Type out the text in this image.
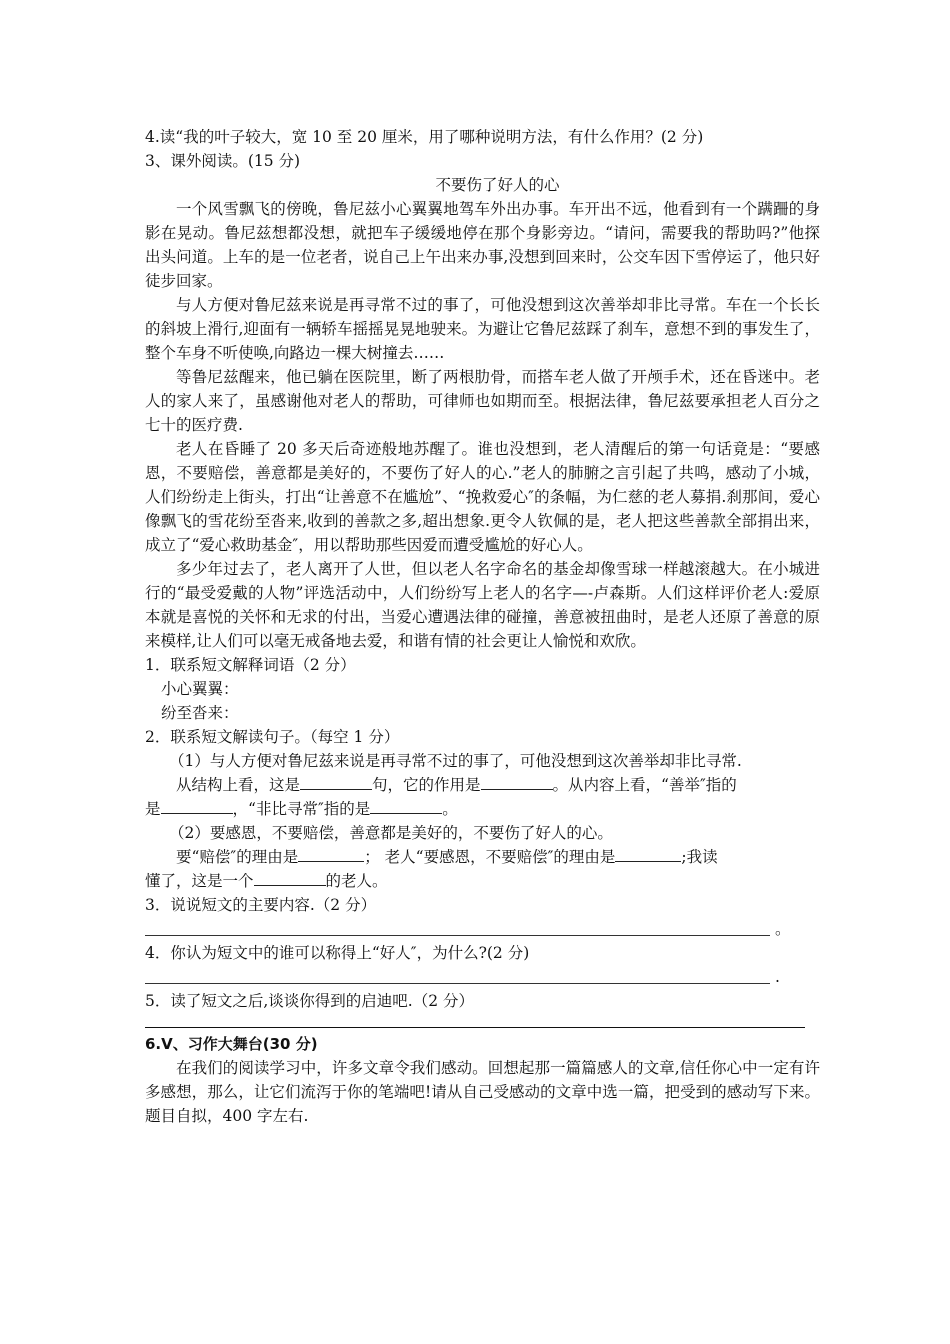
4.读“我的叶子较大，宽 10 至 20 厘米，用了哪种说明方法，有什么作用？(2 分)
3、课外阅读。(15 分)
不要伤了好人的心
一个风雪飘飞的傍晚，鲁尼兹小心翼翼地驾车外出办事。车开出不远，他看到有一个蹒跚的身影在晃动。鲁尼兹想都没想，就把车子缓缓地停在那个身影旁边。“请问，需要我的帮助吗?”他探出头问道。上车的是一位老者，说自己上午出来办事,没想到回来时，公交车因下雪停运了，他只好徒步回家。
与人方便对鲁尼兹来说是再寻常不过的事了，可他没想到这次善举却非比寻常。车在一个长长的斜坡上滑行,迎面有一辆轿车摇摇晃晃地驶来。为避让它鲁尼兹踩了刹车，意想不到的事发生了，整个车身不听使唤,向路边一棵大树撞去……
等鲁尼兹醒来，他已躺在医院里，断了两根肋骨，而搭车老人做了开颅手术，还在昏迷中。老人的家人来了，虽感谢他对老人的帮助，可律师也如期而至。根据法律，鲁尼兹要承担老人百分之七十的医疗费.
老人在昏睡了 20 多天后奇迹般地苏醒了。谁也没想到，老人清醒后的第一句话竟是：“要感恩，不要赔偿，善意都是美好的，不要伤了好人的心.”老人的肺腑之言引起了共鸣，感动了小城，人们纷纷走上街头，打出“让善意不在尴尬”、“挽救爱心″的条幅，为仁慈的老人募捐.刹那间，爱心像飘飞的雪花纷至沓来,收到的善款之多,超出想象.更令人钦佩的是，老人把这些善款全部捐出来，成立了“爱心救助基金″，用以帮助那些因爱而遭受尴尬的好心人。
多少年过去了，老人离开了人世，但以老人名字命名的基金却像雪球一样越滚越大。在小城进行的“最受爱戴的人物”评选活动中，人们纷纷写上老人的名字—-卢森斯。人们这样评价老人:爱原本就是喜悦的关怀和无求的付出，当爱心遭遇法律的碰撞，善意被扭曲时，是老人还原了善意的原来模样,让人们可以毫无戒备地去爱，和谐有情的社会更让人愉悦和欢欣。
1．联系短文解释词语（2 分）
小心翼翼：
纷至沓来：
2．联系短文解读句子。（每空 1 分）
（1）与人方便对鲁尼兹来说是再寻常不过的事了，可他没想到这次善举却非比寻常.
从结构上看，这是	句，它的作用是	。从内容上看，“善举″指的
是	，“非比寻常″指的是	。
（2）要感恩，不要赔偿，善意都是美好的，不要伤了好人的心。
要“赔偿″的理由是	； 老人“要感恩，不要赔偿″的理由是	;我读
懂了，这是一个	的老人。
3．说说短文的主要内容.（2 分）
。
4．你认为短文中的谁可以称得上“好人″，为什么?(2 分)
.
5．读了短文之后,谈谈你得到的启迪吧.（2 分）
6.Ⅴ、习作大舞台(30 分)
在我们的阅读学习中，许多文章令我们感动。回想起那一篇篇感人的文章,信任你心中一定有许多感想，那么，让它们流泻于你的笔端吧!请从自己受感动的文章中选一篇，把受到的感动写下来。题目自拟，400 字左右.
